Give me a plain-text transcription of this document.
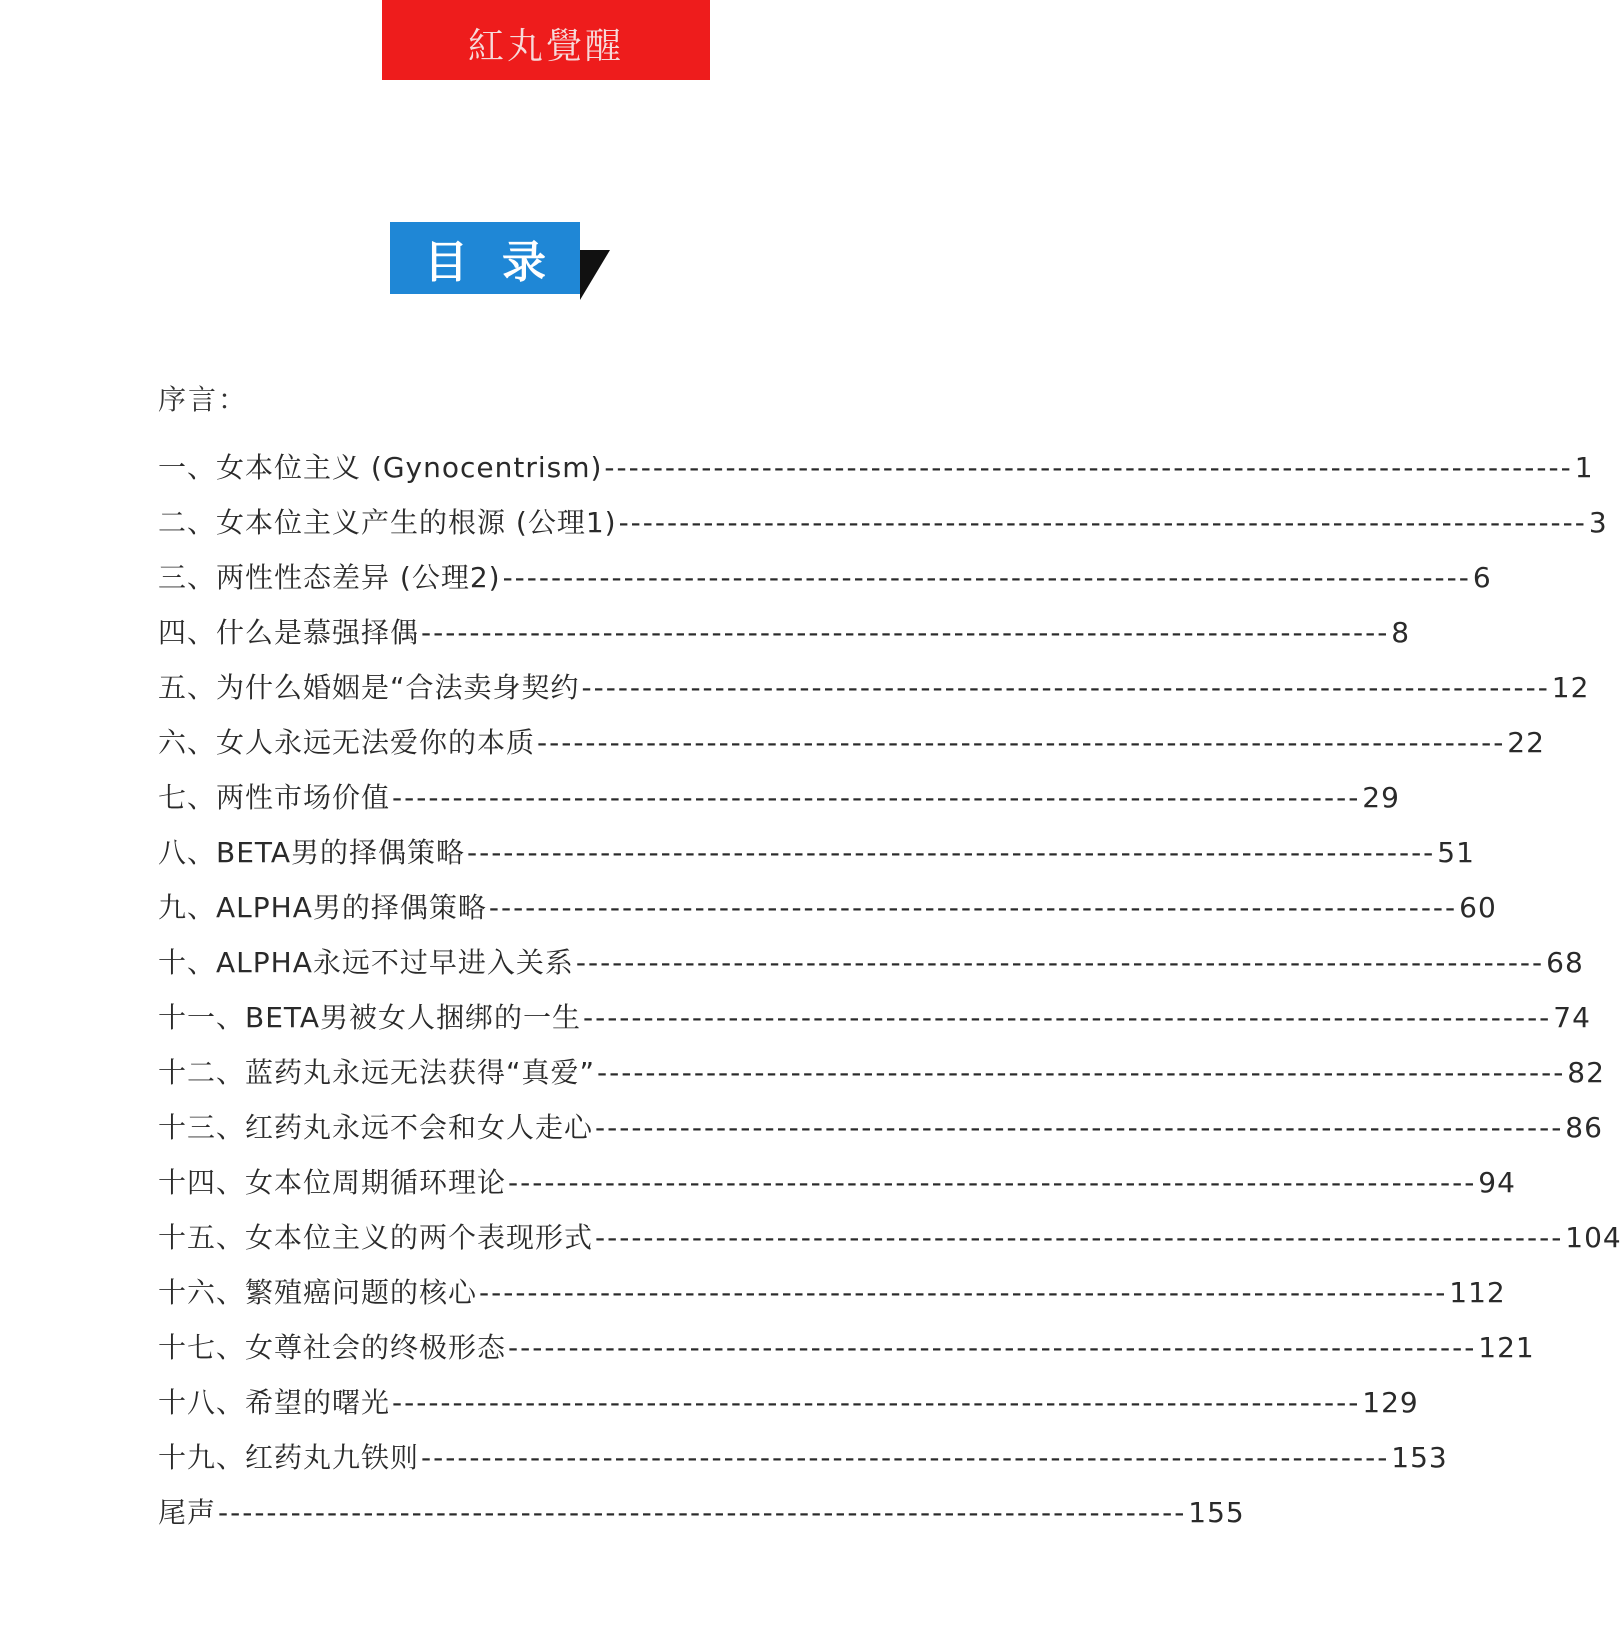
紅丸覺醒
目录
序言：
一、女本位主义 (Gynocentrism) -------------------------------------------------------------------------------- 1
二、女本位主义产生的根源 (公理1) -------------------------------------------------------------------------------- 3
三、两性性态差异 (公理2) -------------------------------------------------------------------------------- 6
四、什么是慕强择偶 -------------------------------------------------------------------------------- 8
五、为什么婚姻是“合法卖身契约 -------------------------------------------------------------------------------- 12
六、女人永远无法爱你的本质 -------------------------------------------------------------------------------- 22
七、两性市场价值 -------------------------------------------------------------------------------- 29
八、BETA男的择偶策略 -------------------------------------------------------------------------------- 51
九、ALPHA男的择偶策略 -------------------------------------------------------------------------------- 60
十、ALPHA永远不过早进入关系 -------------------------------------------------------------------------------- 68
十一、BETA男被女人捆绑的一生 -------------------------------------------------------------------------------- 74
十二、蓝药丸永远无法获得“真爱” -------------------------------------------------------------------------------- 82
十三、红药丸永远不会和女人走心 -------------------------------------------------------------------------------- 86
十四、女本位周期循环理论 -------------------------------------------------------------------------------- 94
十五、女本位主义的两个表现形式 -------------------------------------------------------------------------------- 104
十六、繁殖癌问题的核心 -------------------------------------------------------------------------------- 112
十七、女尊社会的终极形态 -------------------------------------------------------------------------------- 121
十八、希望的曙光 -------------------------------------------------------------------------------- 129
十九、红药丸九铁则 -------------------------------------------------------------------------------- 153
尾声 -------------------------------------------------------------------------------- 155
